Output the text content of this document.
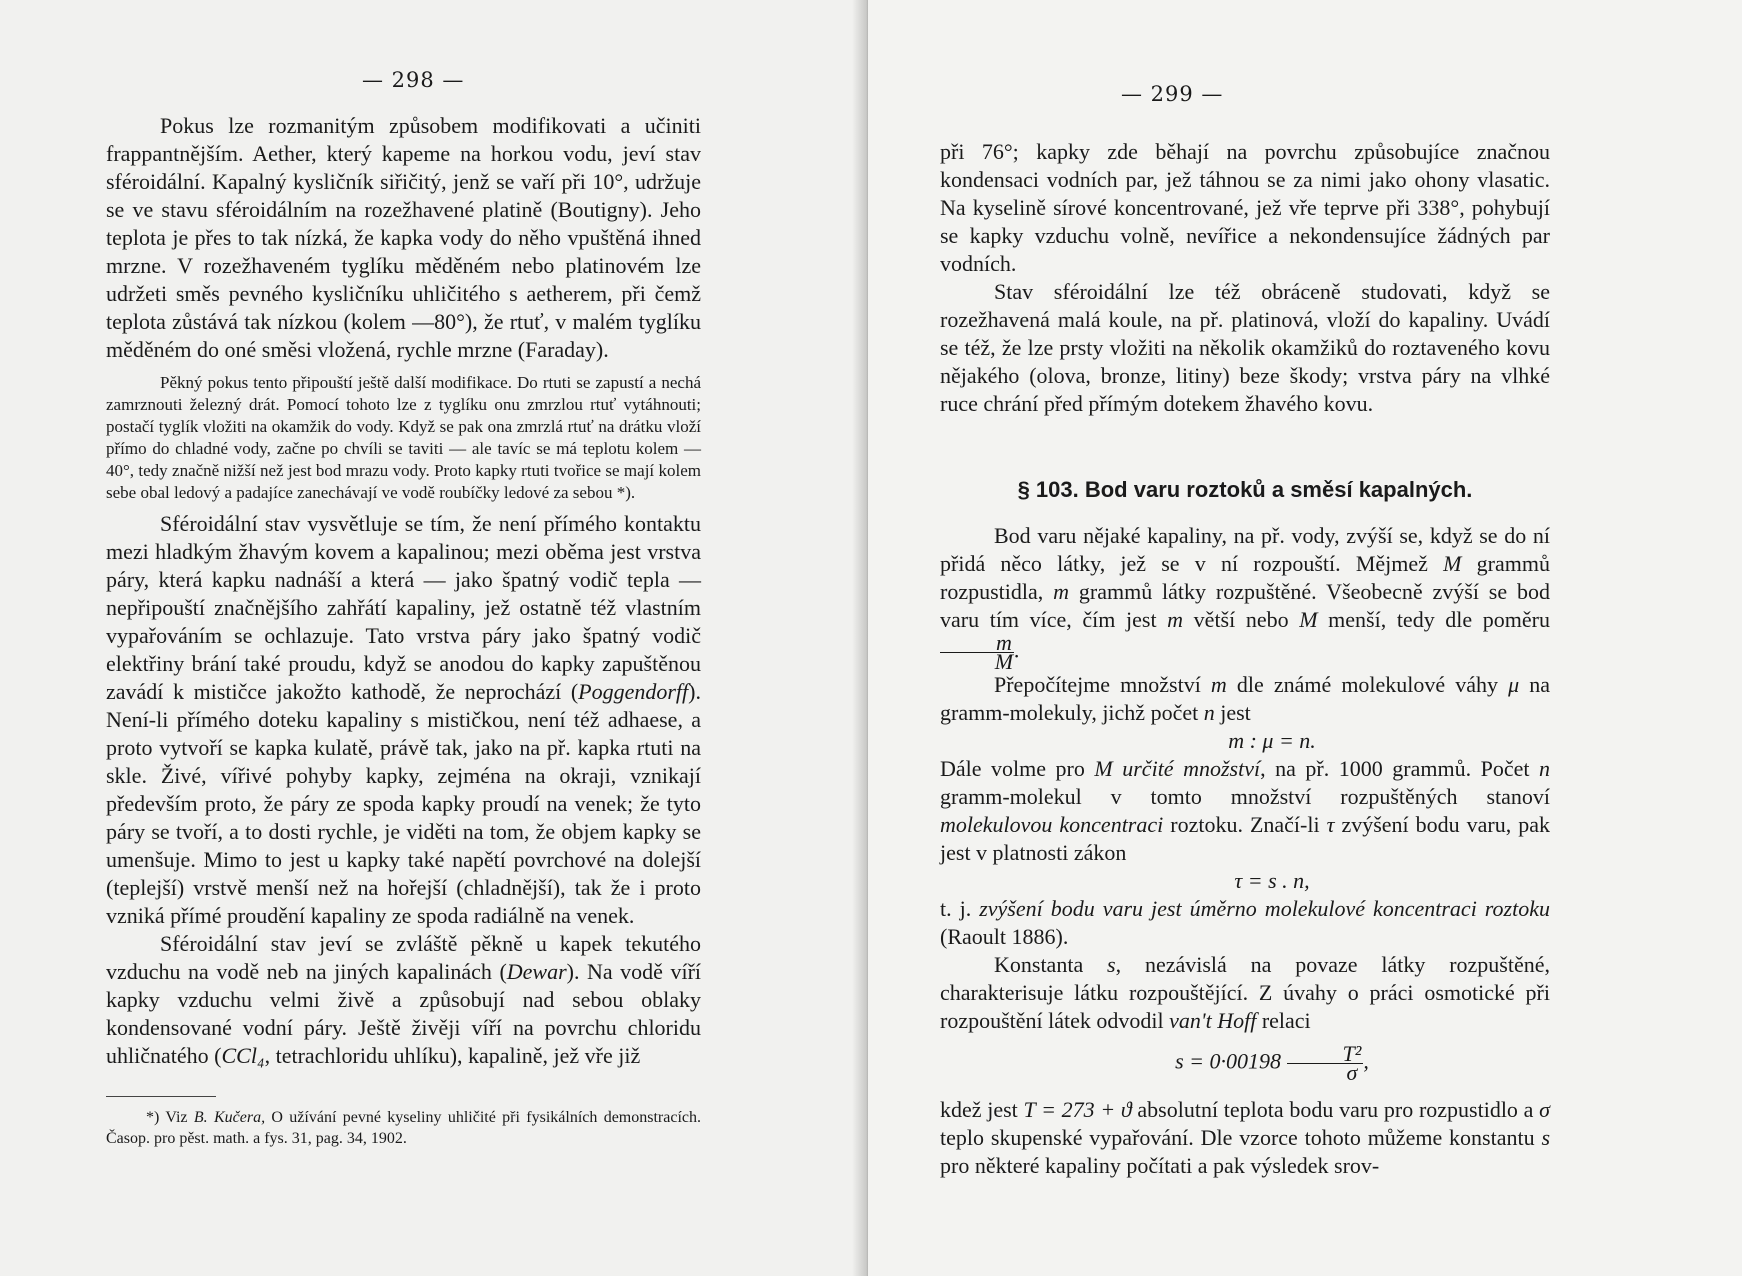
— 298 —

Pokus lze rozmanitým způsobem modifikovati a učiniti frappantnějším. Aether, který kapeme na horkou vodu, jeví stav sféroidální. Kapalný kysličník siřičitý, jenž se vaří při 10°, udržuje se ve stavu sféroidálním na rozežhavené platině (Boutigny). Jeho teplota je přes to tak nízká, že kapka vody do něho vpuštěná ihned mrzne. V rozežhaveném tyglíku měděném nebo platinovém lze udržeti směs pevného kysličníku uhličitého s aetherem, při čemž teplota zůstává tak nízkou (kolem —80°), že rtuť, v malém tyglíku měděném do oné směsi vložená, rychle mrzne (Faraday).

Pěkný pokus tento připouští ještě další modifikace. Do rtuti se zapustí a nechá zamrznouti železný drát. Pomocí tohoto lze z tyglíku onu zmrzlou rtuť vytáhnouti; postačí tyglík vložiti na okamžik do vody. Když se pak ona zmrzlá rtuť na drátku vloží přímo do chladné vody, začne po chvíli se taviti — ale tavíc se má teplotu kolem —40°, tedy značně nižší než jest bod mrazu vody. Proto kapky rtuti tvořice se mají kolem sebe obal ledový a padajíce zanechávají ve vodě roubíčky ledové za sebou *).

Sféroidální stav vysvětluje se tím, že není přímého kontaktu mezi hladkým žhavým kovem a kapalinou; mezi oběma jest vrstva páry, která kapku nadnáší a která — jako špatný vodič tepla — nepřipouští značnějšího zahřátí kapaliny, jež ostatně též vlastním vypařováním se ochlazuje. Tato vrstva páry jako špatný vodič elektřiny brání také proudu, když se anodou do kapky zapuštěnou zavádí k mističce jakožto kathodě, že neprochází (Poggendorff). Není-li přímého doteku kapaliny s mističkou, není též adhaese, a proto vytvoří se kapka kulatě, právě tak, jako na př. kapka rtuti na skle. Živé, vířivé pohyby kapky, zejména na okraji, vznikají především proto, že páry ze spoda kapky proudí na venek; že tyto páry se tvoří, a to dosti rychle, je viděti na tom, že objem kapky se umenšuje. Mimo to jest u kapky také napětí povrchové na dolejší (teplejší) vrstvě menší než na hořejší (chladnější), tak že i proto vzniká přímé proudění kapaliny ze spoda radiálně na venek.

Sféroidální stav jeví se zvláště pěkně u kapek tekutého vzduchu na vodě neb na jiných kapalinách (Dewar). Na vodě víří kapky vzduchu velmi živě a způsobují nad sebou oblaky kondensované vodní páry. Ještě živěji víří na povrchu chloridu uhličnatého (CCl₄, tetrachloridu uhlíku), kapalině, jež vře již

*) Viz B. Kučera, O užívání pevné kyseliny uhličité při fysikálních demonstracích. Časop. pro pěst. math. a fys. 31, pag. 34, 1902.

— 299 —

při 76°; kapky zde běhají na povrchu způsobujíce značnou kondensaci vodních par, jež táhnou se za nimi jako ohony vlasatic. Na kyselině sírové koncentrované, jež vře teprve při 338°, pohybují se kapky vzduchu volně, nevířice a nekondensujíce žádných par vodních.

Stav sféroidální lze též obráceně studovati, když se rozežhavená malá koule, na př. platinová, vloží do kapaliny. Uvádí se též, že lze prsty vložiti na několik okamžiků do roztaveného kovu nějakého (olova, bronze, litiny) beze škody; vrstva páry na vlhké ruce chrání před přímým dotekem žhavého kovu.

§ 103. Bod varu roztoků a směsí kapalných.

Bod varu nějaké kapaliny, na př. vody, zvýší se, když se do ní přidá něco látky, jež se v ní rozpouští. Mějmež M grammů rozpustidla, m grammů látky rozpuštěné. Všeobecně zvýší se bod varu tím více, čím jest m větší nebo M menší, tedy dle poměru
$\frac{m}{M}$ .

Přepočítejme množství m dle známé molekulové váhy μ na gramm-molekuly, jichž počet n jest

m : μ = n.

Dále volme pro M určité množství, na př. 1000 grammů. Počet n gramm-molekul v tomto množství rozpuštěných stanoví molekulovou koncentraci roztoku. Značí-li τ zvýšení bodu varu, pak jest v platnosti zákon

τ = s . n,

t. j. zvýšení bodu varu jest úměrno molekulové koncentraci roztoku (Raoult 1886).

Konstanta s, nezávislá na povaze látky rozpuštěné, charakterisuje látku rozpouštějící. Z úvahy o práci osmotické při rozpouštění látek odvodil van't Hoff relaci

$s = 0\cdot 00198 \frac{\text{T²}}{\sigma}$ ,

kdež jest T = 273 + ϑ absolutní teplota bodu varu pro rozpustidlo a σ teplo skupenské vypařování. Dle vzorce tohoto můžeme konstantu s pro některé kapaliny počítati a pak výsledek srov-
